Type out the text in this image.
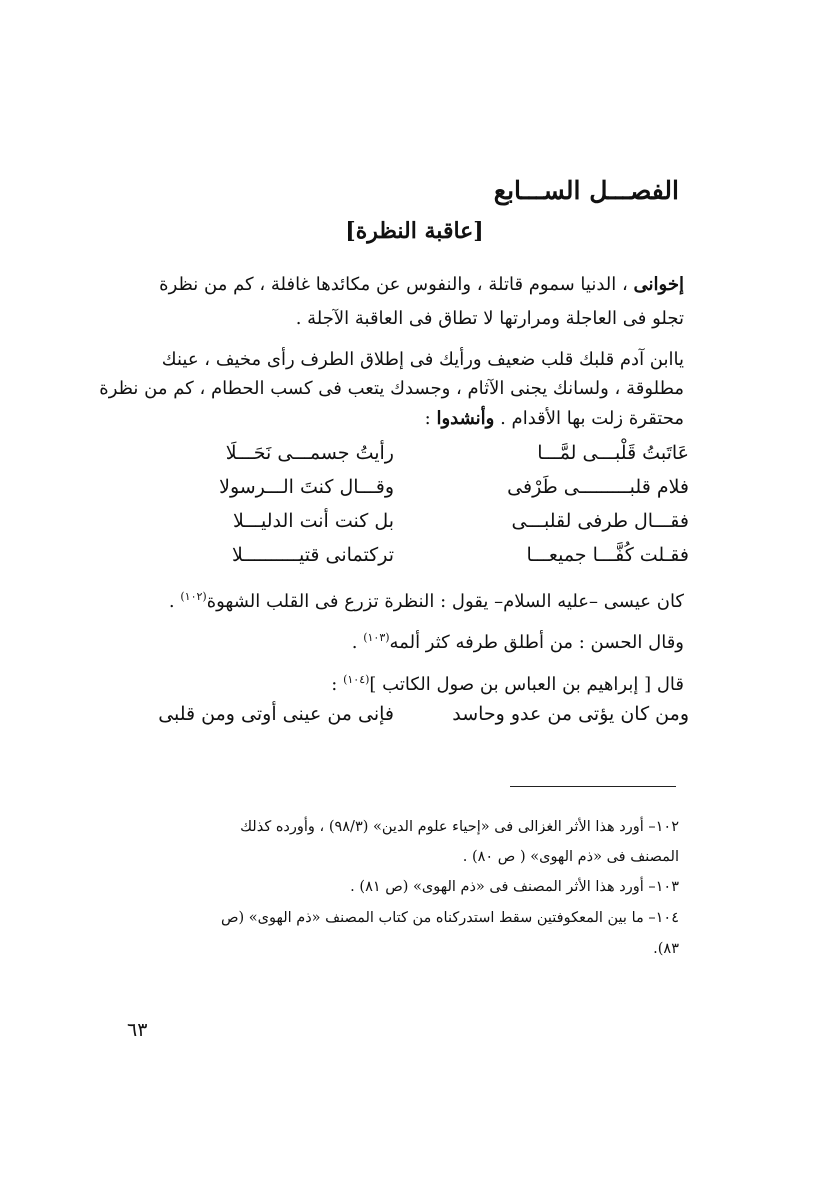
الفصـــل الســـابع
[عاقبة النظرة]
إخوانى ، الدنيا سموم قاتلة ، والنفوس عن مكائدها غافلة ، كم من نظرة
تجلو فى العاجلة ومرارتها لا تطاق فى العاقبة الآجلة .
ياابن آدم قلبك قلب ضعيف ورأيك فى إطلاق الطرف رأى مخيف ، عينك
مطلوقة ، ولسانك يجنى الآثام ، وجسدك يتعب فى كسب الحطام ، كم من نظرة
محتقرة زلت بها الأقدام . وأنشدوا :
عَاتَبتُ قَلْبـــى لمَّـــا
رأيتُ جسمـــى نَحَـــلَا
فلام قلبـــــــــى طَرْفى
وقـــال كنتَ الـــرسولا
فقـــال طرفى لقلبـــى
بل كنت أنت الدليـــلا
فقـلت كُفَّـــا جميعـــا
تركتمانى قتيــــــــــلا
كان عيسى –عليه السلام– يقول : النظرة تزرع فى القلب الشهوة$^{(١٠٢)}$ .
وقال الحسن : من أطلق طرفه كثر ألمه$^{(١٠٣)}$ .
قال [ إبراهيم بن العباس بن صول الكاتب ]$^{(١٠٤)}$ :
ومن كان يؤتى من عدو وحاسد
فإنى من عينى أوتى ومن قلبى
١٠٢– أورد هذا الأثر الغزالى فى «إحياء علوم الدين» (٩٨/٣) ، وأورده كذلك
المصنف فى «ذم الهوى» ( ص ٨٠) .
١٠٣– أورد هذا الأثر المصنف فى «ذم الهوى» (ص ٨١) .
١٠٤– ما بين المعكوفتين سقط استدركناه من كتاب المصنف «ذم الهوى» (ص
٨٣).
٦٣
